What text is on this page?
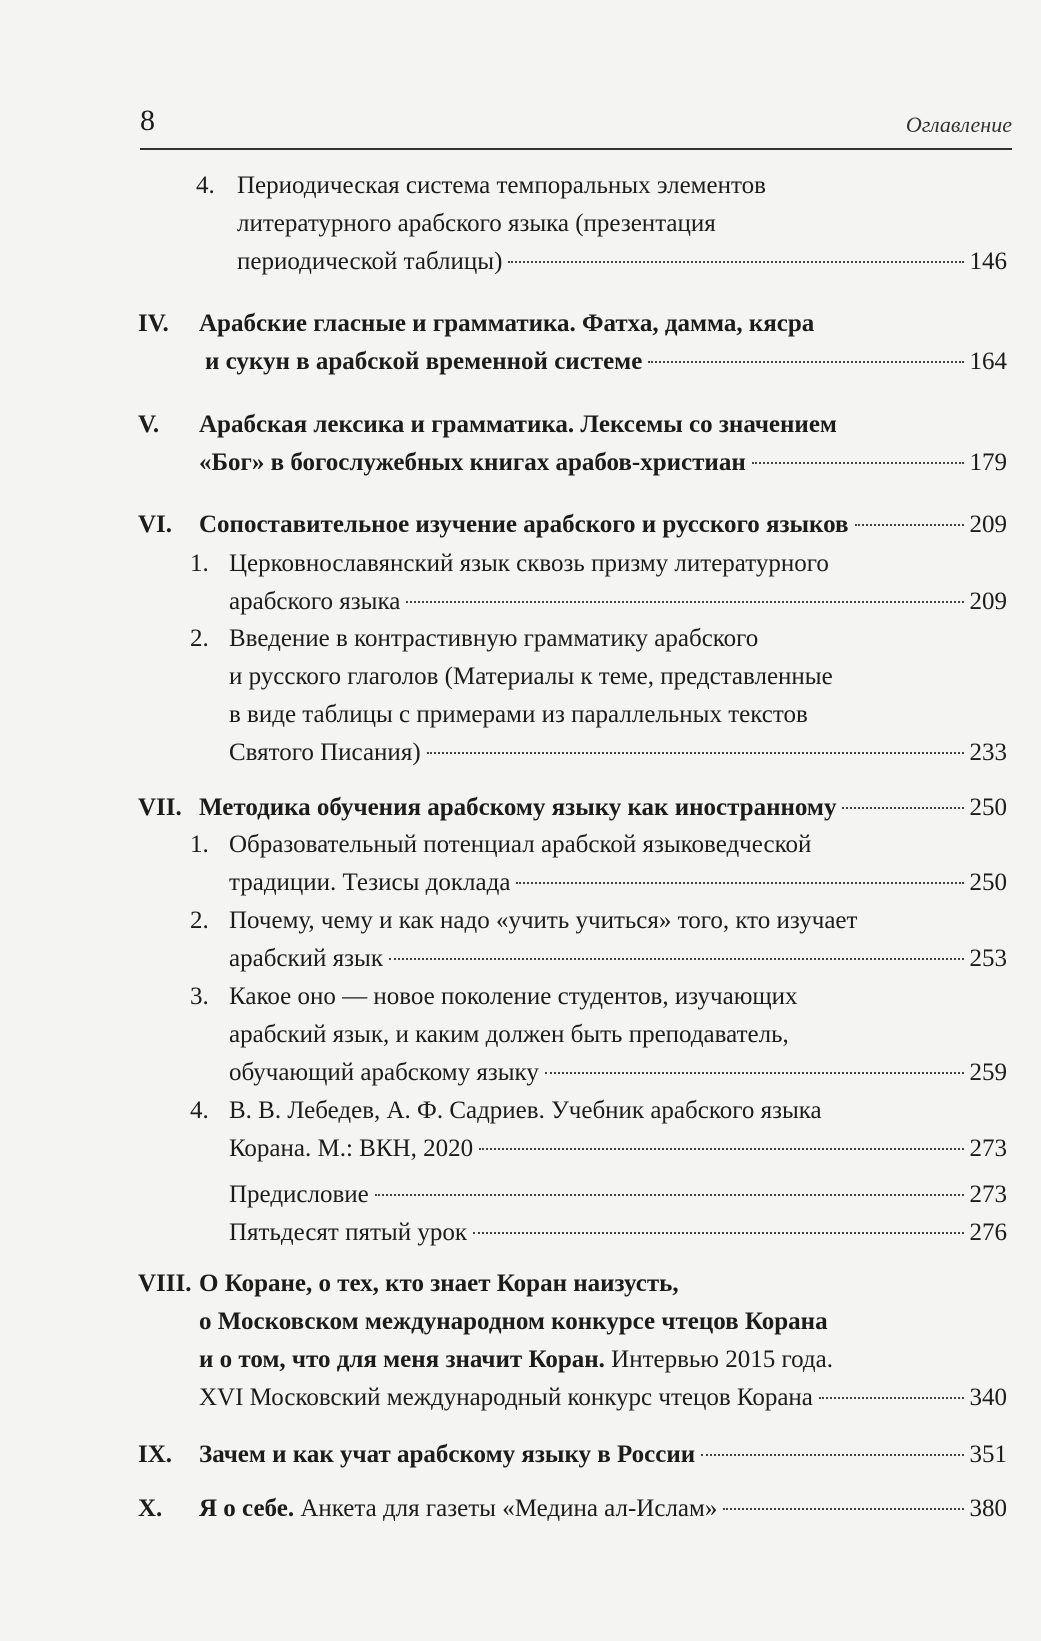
8	Оглавление
4. Периодическая система темпоральных элементов
литературного арабского языка (презентация
периодической таблицы)	146
IV. Арабские гласные и грамматика. Фатха, дамма, кясра
и сукун в арабской временной системе	164
V. Арабская лексика и грамматика. Лексемы со значением
«Бог» в богослужебных книгах арабов-христиан	179
VI. Сопоставительное изучение арабского и русского языков	209
1. Церковнославянский язык сквозь призму литературного
арабского языка	209
2. Введение в контрастивную грамматику арабского
и русского глаголов (Материалы к теме, представленные
в виде таблицы с примерами из параллельных текстов
Святого Писания)	233
VII. Методика обучения арабскому языку как иностранному	250
1. Образовательный потенциал арабской языковедческой
традиции. Тезисы доклада	250
2. Почему, чему и как надо «учить учиться» того, кто изучает
арабский язык	253
3. Какое оно — новое поколение студентов, изучающих
арабский язык, и каким должен быть преподаватель,
обучающий арабскому языку	259
4. В. В. Лебедев, А. Ф. Садриев. Учебник арабского языка
Корана. М.: ВКН, 2020	273
Предисловие	273
Пятьдесят пятый урок	276
VIII. О Коране, о тех, кто знает Коран наизусть,
о Московском международном конкурсе чтецов Корана
и о том, что для меня значит Коран. Интервью 2015 года.
XVI Московский международный конкурс чтецов Корана	340
IX. Зачем и как учат арабскому языку в России	351
X. Я о себе. Анкета для газеты «Медина ал-Ислам»	380
